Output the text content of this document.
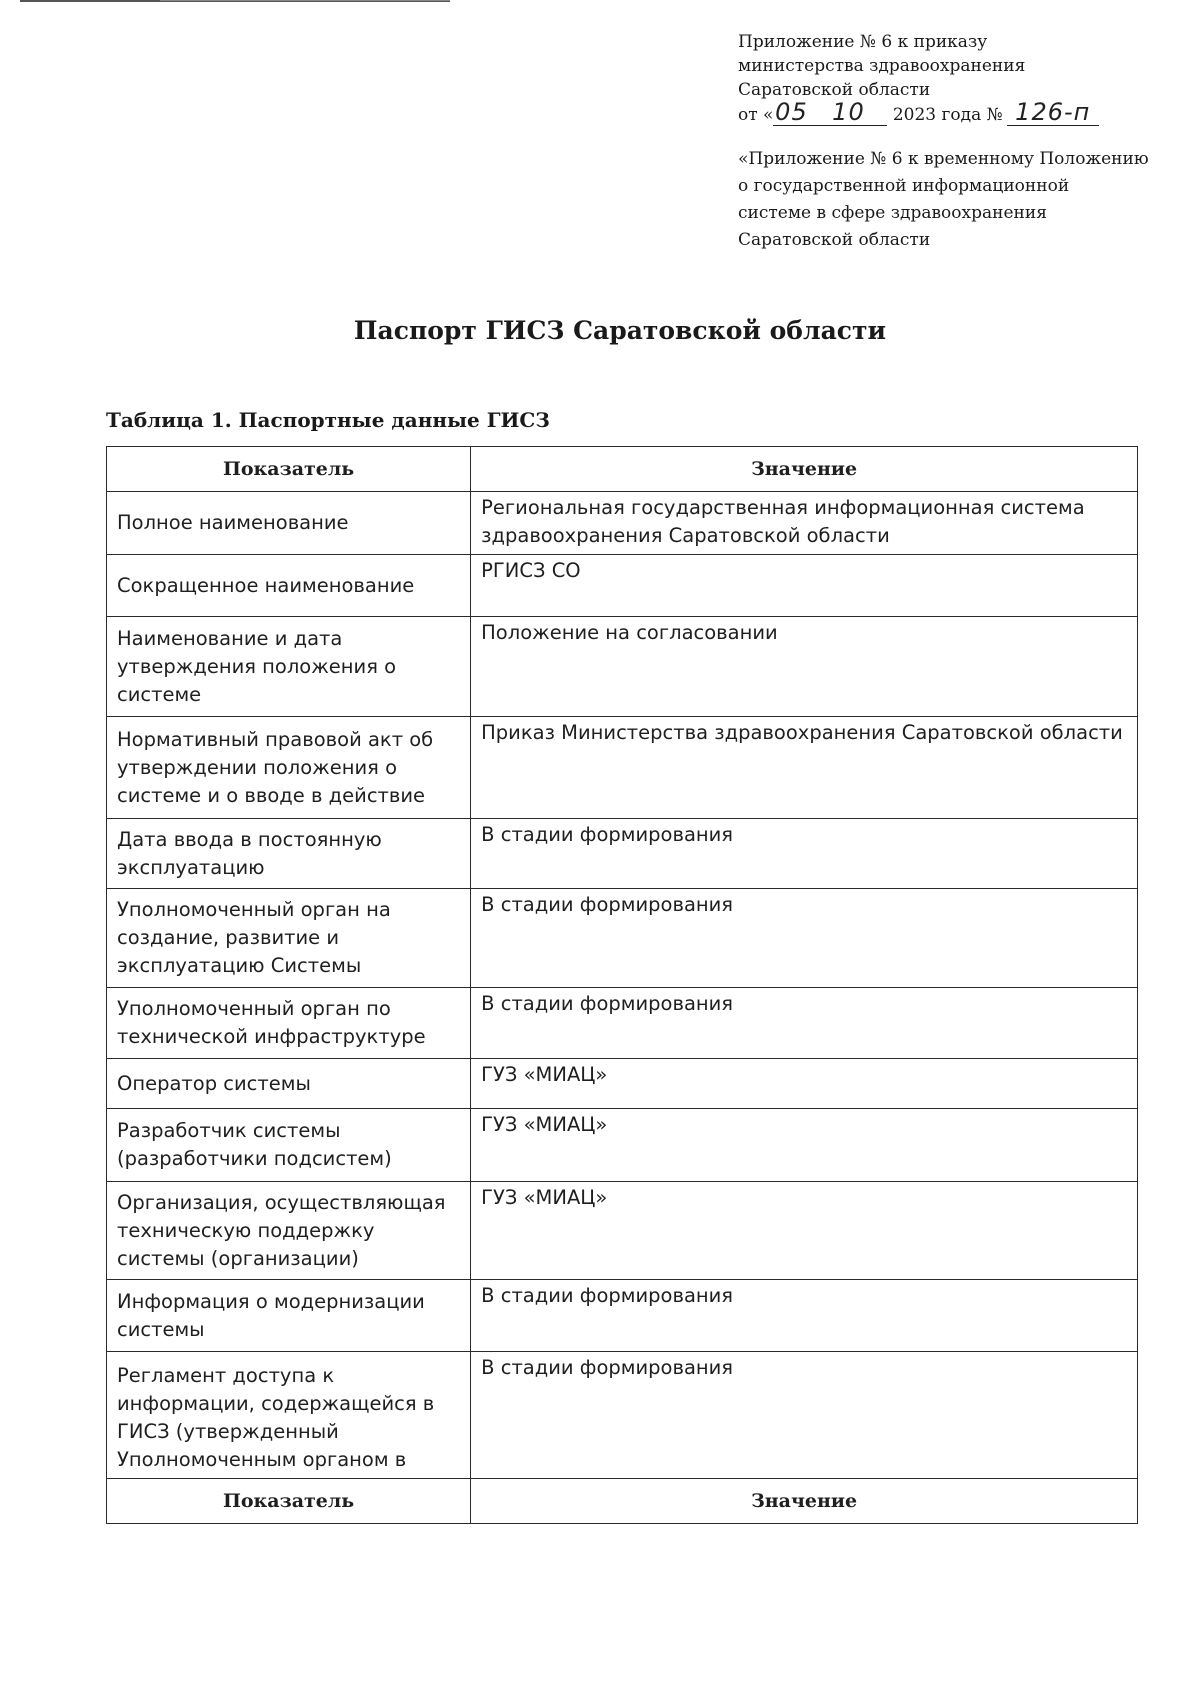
Приложение № 6 к приказу
министерства здравоохранения
Саратовской области
от «05 10 2023 года № 126-п
«Приложение № 6 к временному Положению
о государственной информационной
системе в сфере здравоохранения
Саратовской области
Паспорт ГИСЗ Саратовской области
Таблица 1. Паспортные данные ГИСЗ
Показатель	Значение
Полное наименование	Региональная государственная информационная система здравоохранения Саратовской области
Сокращенное наименование	РГИСЗ СО
Наименование и дата утверждения положения о системе	Положение на согласовании
Нормативный правовой акт об утверждении положения о системе и о вводе в действие	Приказ Министерства здравоохранения Саратовской области
Дата ввода в постоянную эксплуатацию	В стадии формирования
Уполномоченный орган на создание, развитие и эксплуатацию Системы	В стадии формирования
Уполномоченный орган по технической инфраструктуре	В стадии формирования
Оператор системы	ГУЗ «МИАЦ»
Разработчик системы (разработчики подсистем)	ГУЗ «МИАЦ»
Организация, осуществляющая техническую поддержку системы (организации)	ГУЗ «МИАЦ»
Информация о модернизации системы	В стадии формирования
Регламент доступа к информации, содержащейся в ГИСЗ (утвержденный Уполномоченным органом в	В стадии формирования
Показатель	Значение
